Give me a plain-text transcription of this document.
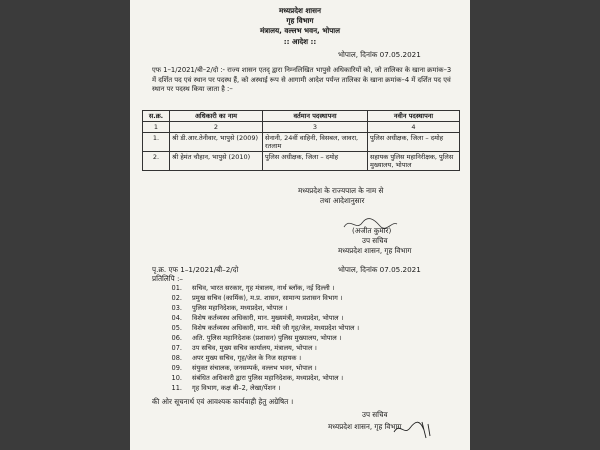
मध्यप्रदेश शासन
गृह विभाग
मंत्रालय, वल्लभ भवन, भोपाल
:: आदेश ::
भोपाल, दिनांक 07.05.2021
एफ 1–1/2021/बी–2/दो :- राज्य शासन एतद् द्वारा निम्नलिखित भापुसे अधिकारियों को, जो तालिका के खाना क्रमांक–3 में दर्शित पद एवं स्थान पर पदस्थ हैं, को अस्थाई रूप से आगामी आदेश पर्यन्त तालिका के खाना क्रमांक–4 में दर्शित पद एवं स्थान पर पदस्थ किया जाता है :–
स.क्र.	अधिकारी का नाम	वर्तमान पदस्थापना	नवीन पदस्थापना
1	2	3	4
1.	श्री डी.आर.तेनीवार, भापुसे (2009)	सेनानी, 24वीं वाहिनी, विसबल, जावरा, रतलाम	पुलिस अधीक्षक, जिला – दमोह
2.	श्री हेमंत चौहान, भापुसे (2010)	पुलिस अधीक्षक, जिला – दमोह	सहायक पुलिस महानिरीक्षक, पुलिस मुख्यालय, भोपाल
मध्यप्रदेश के राज्यपाल के नाम से
तथा आदेशानुसार
(अजीत कुमार)
उप सचिव
मध्यप्रदेश शासन, गृह विभाग
पृ.क्र. एफ 1–1/2021/बी–2/दो	भोपाल, दिनांक 07.05.2021
प्रतिलिपि :–
01.	सचिव, भारत सरकार, गृह मंत्रालय, नार्थ ब्लॉक, नई दिल्ली ।
02.	प्रमुख सचिव (कार्मिक), म.प्र. शासन, सामान्य प्रशासन विभाग ।
03.	पुलिस महानिदेशक, मध्यप्रदेश, भोपाल ।
04.	विशेष कर्तव्यस्थ अधिकारी, मान. मुख्यमंत्री, मध्यप्रदेश, भोपाल ।
05.	विशेष कर्तव्यस्थ अधिकारी, मान. मंत्री जी गृह/जेल, मध्यप्रदेश भोपाल ।
06.	अति. पुलिस महानिदेशक (प्रशासन) पुलिस मुख्यालय, भोपाल ।
07.	उप सचिव, मुख्य सचिव कार्यालय, मंत्रालय, भोपाल ।
08.	अपर मुख्य सचिव, गृह/जेल के निज सहायक ।
09.	संयुक्त संचालक, जनसम्पर्क, वल्लभ भवन, भोपाल ।
10.	संबंधित अधिकारी द्वारा पुलिस महानिदेशक, मध्यप्रदेश, भोपाल ।
11.	गृह विभाग, कक्ष बी–2, लेखा/पेंशन ।
की ओर सूचनार्थ एवं आवश्यक कार्यवाही हेतु अग्रेषित ।
उप सचिव
मध्यप्रदेश शासन, गृह विभाग
